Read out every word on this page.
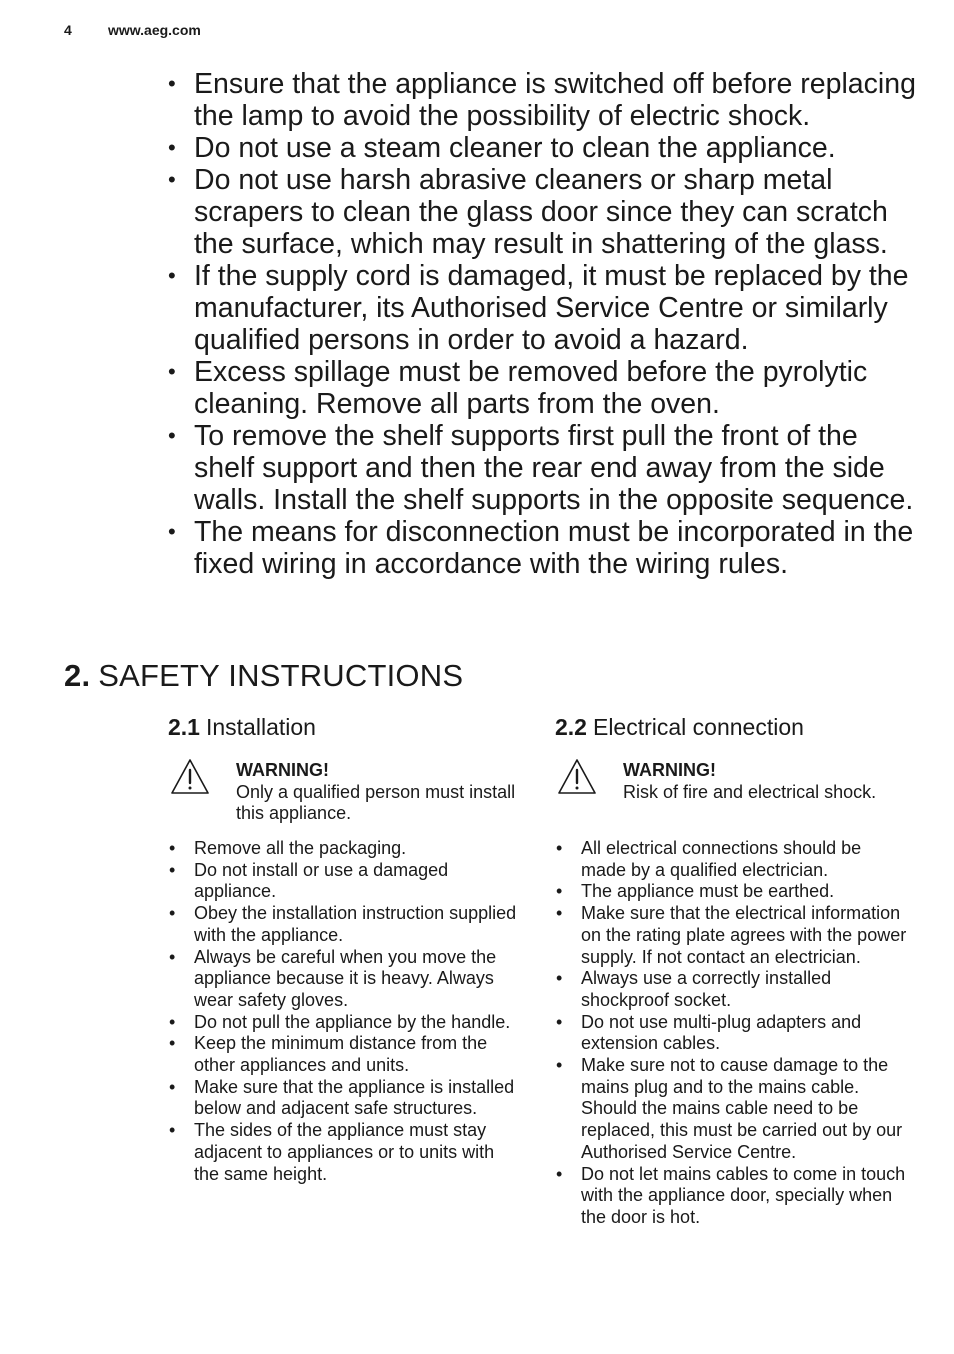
4	www.aeg.com
• Ensure that the appliance is switched off before replacing the lamp to avoid the possibility of electric shock.
• Do not use a steam cleaner to clean the appliance.
• Do not use harsh abrasive cleaners or sharp metal scrapers to clean the glass door since they can scratch the surface, which may result in shattering of the glass.
• If the supply cord is damaged, it must be replaced by the manufacturer, its Authorised Service Centre or similarly qualified persons in order to avoid a hazard.
• Excess spillage must be removed before the pyrolytic cleaning. Remove all parts from the oven.
• To remove the shelf supports first pull the front of the shelf support and then the rear end away from the side walls. Install the shelf supports in the opposite sequence.
• The means for disconnection must be incorporated in the fixed wiring in accordance with the wiring rules.
2. SAFETY INSTRUCTIONS
2.1 Installation
WARNING!
Only a qualified person must install this appliance.
• Remove all the packaging.
• Do not install or use a damaged appliance.
• Obey the installation instruction supplied with the appliance.
• Always be careful when you move the appliance because it is heavy. Always wear safety gloves.
• Do not pull the appliance by the handle.
• Keep the minimum distance from the other appliances and units.
• Make sure that the appliance is installed below and adjacent safe structures.
• The sides of the appliance must stay adjacent to appliances or to units with the same height.
2.2 Electrical connection
WARNING!
Risk of fire and electrical shock.
• All electrical connections should be made by a qualified electrician.
• The appliance must be earthed.
• Make sure that the electrical information on the rating plate agrees with the power supply. If not contact an electrician.
• Always use a correctly installed shockproof socket.
• Do not use multi-plug adapters and extension cables.
• Make sure not to cause damage to the mains plug and to the mains cable. Should the mains cable need to be replaced, this must be carried out by our Authorised Service Centre.
• Do not let mains cables to come in touch with the appliance door, specially when the door is hot.
